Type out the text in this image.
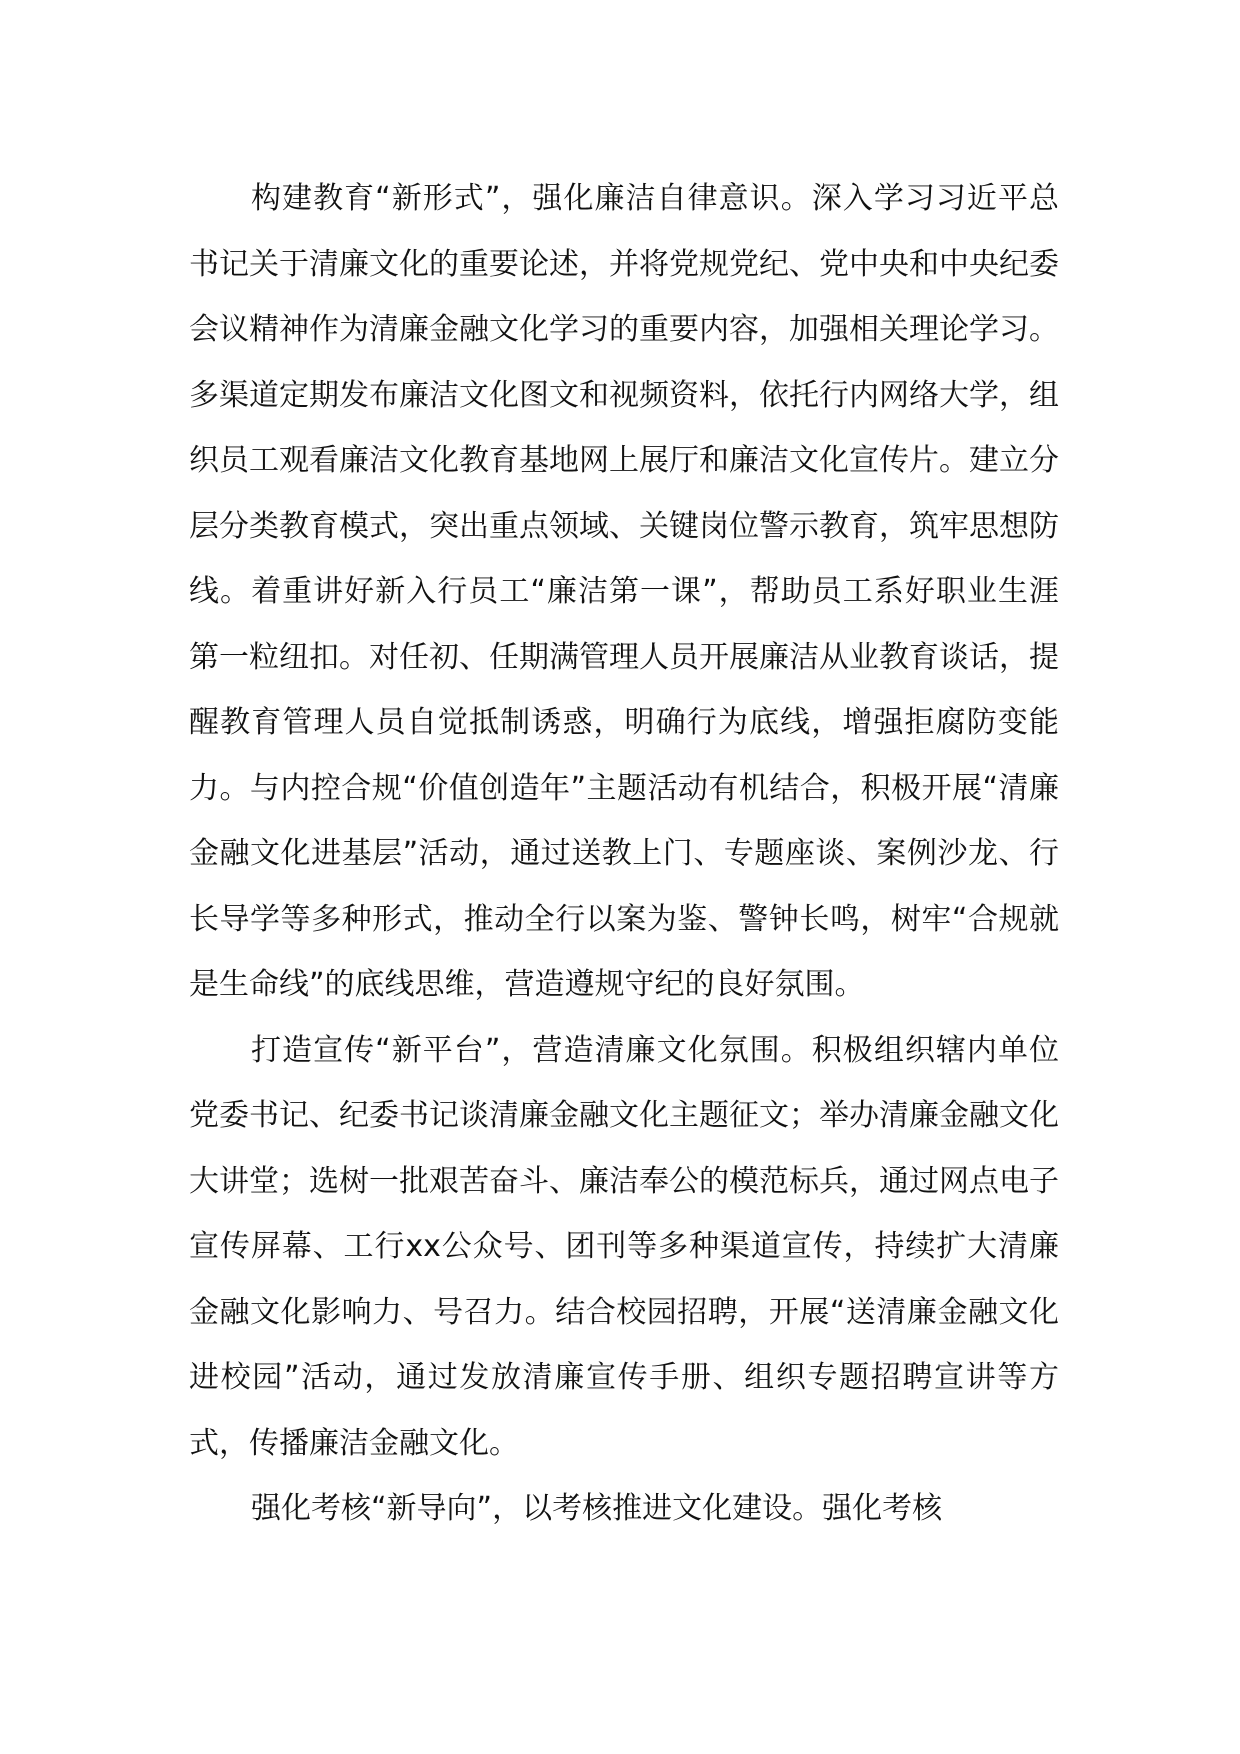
构建教育“新形式”，强化廉洁自律意识。深入学习习近平总书记关于清廉文化的重要论述，并将党规党纪、党中央和中央纪委会议精神作为清廉金融文化学习的重要内容，加强相关理论学习。多渠道定期发布廉洁文化图文和视频资料，依托行内网络大学，组织员工观看廉洁文化教育基地网上展厅和廉洁文化宣传片。建立分层分类教育模式，突出重点领域、关键岗位警示教育，筑牢思想防线。着重讲好新入行员工“廉洁第一课”，帮助员工系好职业生涯第一粒纽扣。对任初、任期满管理人员开展廉洁从业教育谈话，提醒教育管理人员自觉抵制诱惑，明确行为底线，增强拒腐防变能力。与内控合规“价值创造年”主题活动有机结合，积极开展“清廉金融文化进基层”活动，通过送教上门、专题座谈、案例沙龙、行长导学等多种形式，推动全行以案为鉴、警钟长鸣，树牢“合规就是生命线”的底线思维，营造遵规守纪的良好氛围。

打造宣传“新平台”，营造清廉文化氛围。积极组织辖内单位党委书记、纪委书记谈清廉金融文化主题征文；举办清廉金融文化大讲堂；选树一批艰苦奋斗、廉洁奉公的模范标兵，通过网点电子宣传屏幕、工行xx公众号、团刊等多种渠道宣传，持续扩大清廉金融文化影响力、号召力。结合校园招聘，开展“送清廉金融文化进校园”活动，通过发放清廉宣传手册、组织专题招聘宣讲等方式，传播廉洁金融文化。

强化考核“新导向”，以考核推进文化建设。强化考核
